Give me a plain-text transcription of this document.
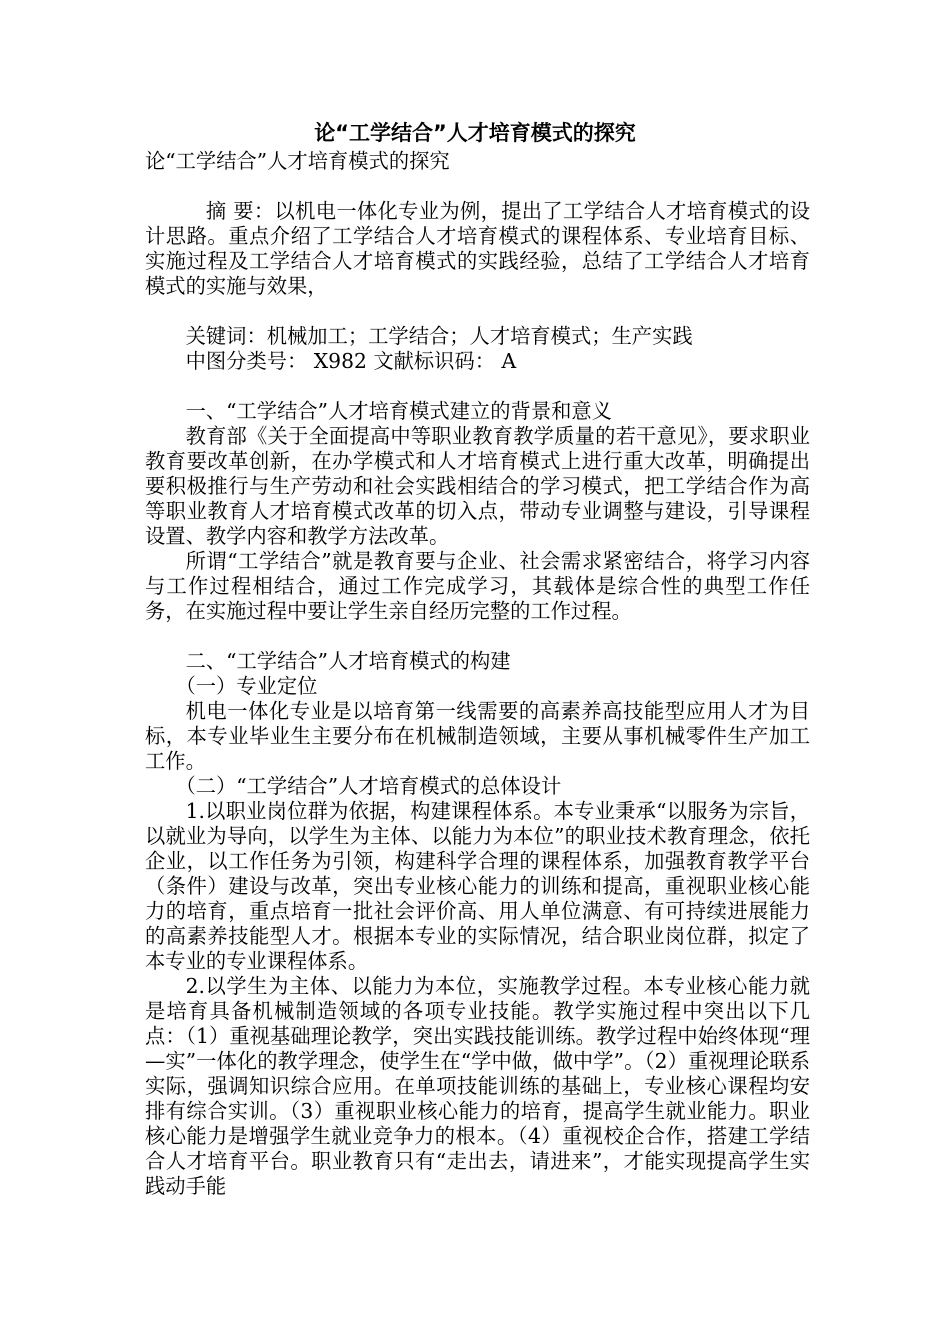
论“工学结合”人才培育模式的探究

论“工学结合”人才培育模式的探究

摘 要：以机电一体化专业为例，提出了工学结合人才培育模式的设计思路。重点介绍了工学结合人才培育模式的课程体系、专业培育目标、实施过程及工学结合人才培育模式的实践经验，总结了工学结合人才培育模式的实施与效果，

关键词：机械加工；工学结合；人才培育模式；生产实践

中图分类号： X982 文献标识码： A

一、“工学结合”人才培育模式建立的背景和意义

教育部《关于全面提高中等职业教育教学质量的若干意见》，要求职业教育要改革创新，在办学模式和人才培育模式上进行重大改革，明确提出要积极推行与生产劳动和社会实践相结合的学习模式，把工学结合作为高等职业教育人才培育模式改革的切入点，带动专业调整与建设，引导课程设置、教学内容和教学方法改革。

所谓“工学结合”就是教育要与企业、社会需求紧密结合，将学习内容与工作过程相结合，通过工作完成学习，其载体是综合性的典型工作任务，在实施过程中要让学生亲自经历完整的工作过程。

二、“工学结合”人才培育模式的构建

（一）专业定位

机电一体化专业是以培育第一线需要的高素养高技能型应用人才为目标，本专业毕业生主要分布在机械制造领域，主要从事机械零件生产加工工作。

（二）“工学结合”人才培育模式的总体设计

1.以职业岗位群为依据，构建课程体系。本专业秉承“以服务为宗旨，以就业为导向，以学生为主体、以能力为本位”的职业技术教育理念，依托企业，以工作任务为引领，构建科学合理的课程体系，加强教育教学平台（条件）建设与改革，突出专业核心能力的训练和提高，重视职业核心能力的培育，重点培育一批社会评价高、用人单位满意、有可持续进展能力的高素养技能型人才。根据本专业的实际情况，结合职业岗位群，拟定了本专业的专业课程体系。

2.以学生为主体、以能力为本位，实施教学过程。本专业核心能力就是培育具备机械制造领域的各项专业技能。教学实施过程中突出以下几点：（1）重视基础理论教学，突出实践技能训练。教学过程中始终体现“理—实”一体化的教学理念，使学生在“学中做，做中学”。（2）重视理论联系实际，强调知识综合应用。在单项技能训练的基础上，专业核心课程均安排有综合实训。（3）重视职业核心能力的培育，提高学生就业能力。职业核心能力是增强学生就业竞争力的根本。（4）重视校企合作，搭建工学结合人才培育平台。职业教育只有“走出去，请进来”，才能实现提高学生实践动手能
